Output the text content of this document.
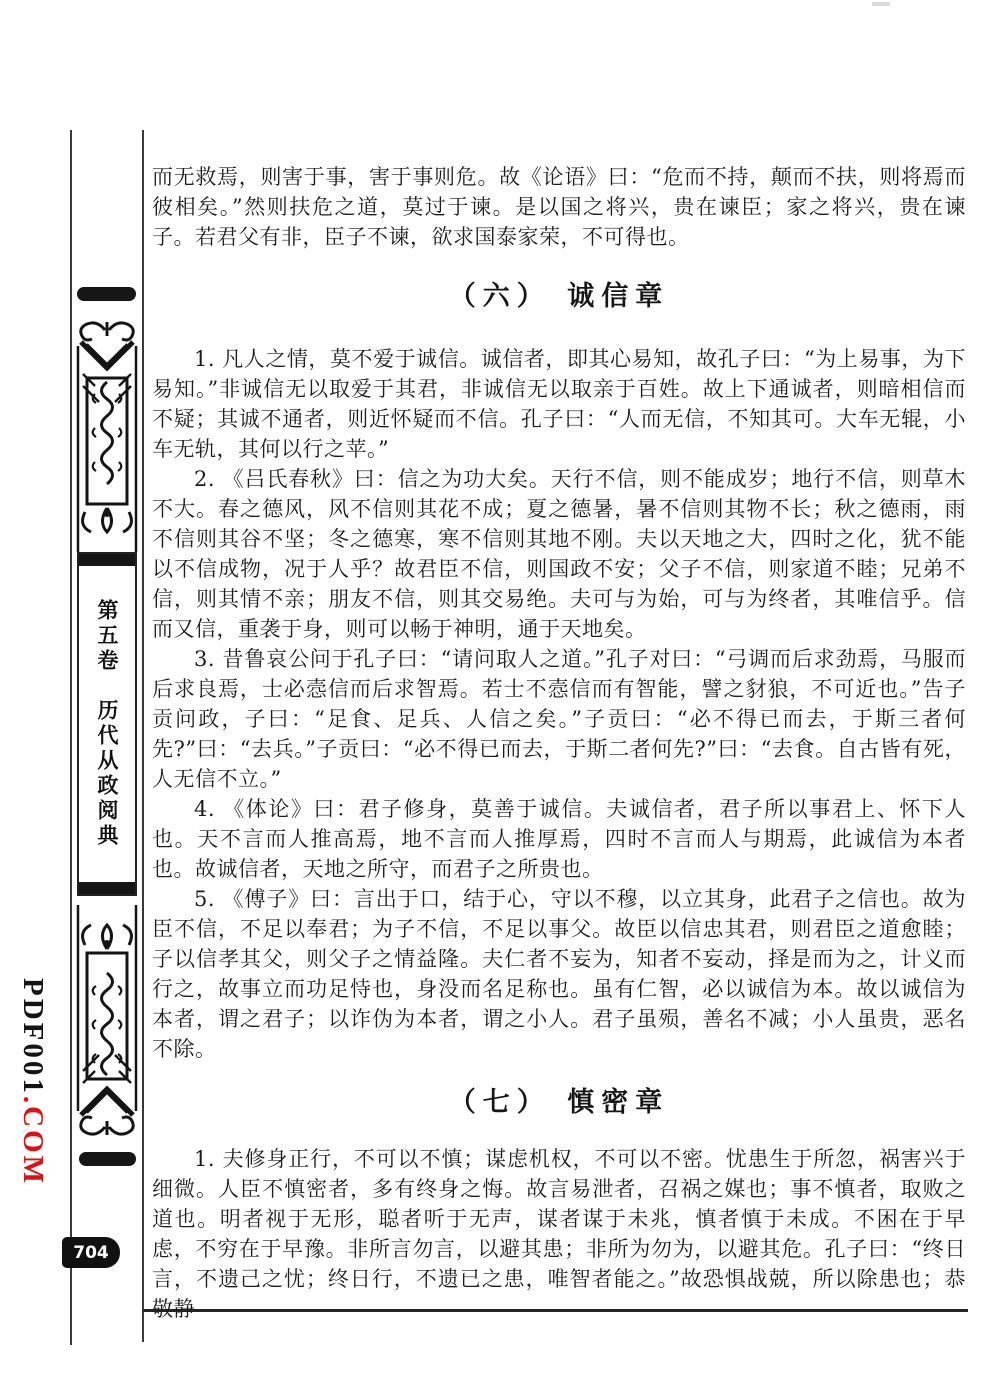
第五卷　历代从政阅典
704
PDF001.COM

而无救焉，则害于事，害于事则危。故《论语》曰：“危而不持，颠而不扶，则将焉而彼相矣。”然则扶危之道，莫过于谏。是以国之将兴，贵在谏臣；家之将兴，贵在谏子。若君父有非，臣子不谏，欲求国泰家荣，不可得也。

（六） 诚信章

1. 凡人之情，莫不爱于诚信。诚信者，即其心易知，故孔子曰：“为上易事，为下易知。”非诚信无以取爱于其君，非诚信无以取亲于百姓。故上下通诚者，则暗相信而不疑；其诚不通者，则近怀疑而不信。孔子曰：“人而无信，不知其可。大车无辊，小车无轨，其何以行之苹。”

2. 《吕氏春秋》曰：信之为功大矣。天行不信，则不能成岁；地行不信，则草木不大。春之德风，风不信则其花不成；夏之德暑，暑不信则其物不长；秋之德雨，雨不信则其谷不坚；冬之德寒，寒不信则其地不刚。夫以天地之大，四时之化，犹不能以不信成物，况于人乎？故君臣不信，则国政不安；父子不信，则家道不睦；兄弟不信，则其情不亲；朋友不信，则其交易绝。夫可与为始，可与为终者，其唯信乎。信而又信，重袭于身，则可以畅于神明，通于天地矣。

3. 昔鲁哀公问于孔子曰：“请问取人之道。”孔子对曰：“弓调而后求劲焉，马服而后求良焉，士必悫信而后求智焉。若士不悫信而有智能，譬之豺狼，不可近也。”告子贡问政，子曰：“足食、足兵、人信之矣。”子贡曰：“必不得已而去，于斯三者何先?”曰：“去兵。”子贡曰：“必不得已而去，于斯二者何先?”曰：“去食。自古皆有死，人无信不立。”

4. 《体论》曰：君子修身，莫善于诚信。夫诚信者，君子所以事君上、怀下人也。天不言而人推高焉，地不言而人推厚焉，四时不言而人与期焉，此诚信为本者也。故诚信者，天地之所守，而君子之所贵也。

5. 《傅子》曰：言出于口，结于心，守以不穆，以立其身，此君子之信也。故为臣不信，不足以奉君；为子不信，不足以事父。故臣以信忠其君，则君臣之道愈睦；子以信孝其父，则父子之情益隆。夫仁者不妄为，知者不妄动，择是而为之，计义而行之，故事立而功足恃也，身没而名足称也。虽有仁智，必以诚信为本。故以诚信为本者，谓之君子；以诈伪为本者，谓之小人。君子虽殒，善名不减；小人虽贵，恶名不除。

（七） 慎密章

1. 夫修身正行，不可以不慎；谋虑机权，不可以不密。忧患生于所忽，祸害兴于细微。人臣不慎密者，多有终身之悔。故言易泄者，召祸之媒也；事不慎者，取败之道也。明者视于无形，聪者听于无声，谋者谋于未兆，慎者慎于未成。不困在于早虑，不穷在于早豫。非所言勿言，以避其患；非所为勿为，以避其危。孔子曰：“终日言，不遗己之忧；终日行，不遗已之患，唯智者能之。”故恐惧战兢，所以除患也；恭敬静
